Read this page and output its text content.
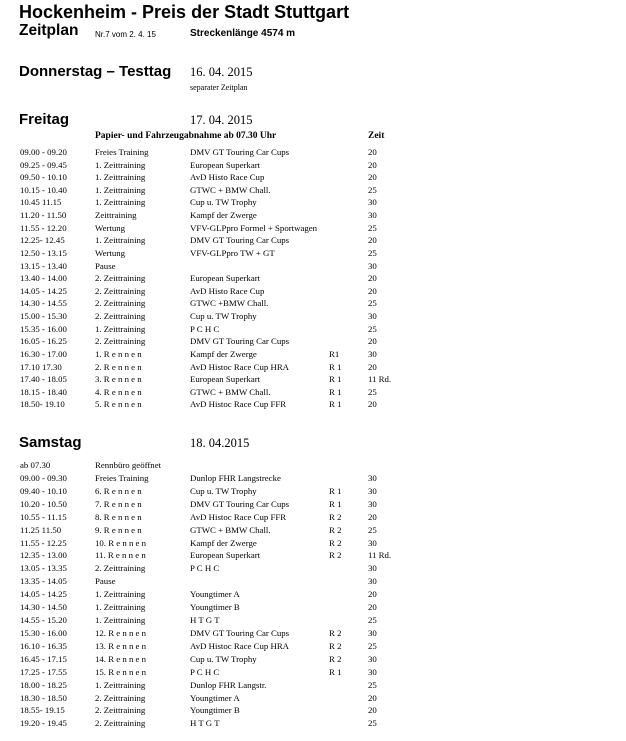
Hockenheim - Preis der Stadt Stuttgart
Zeitplan Nr.7 vom 2. 4. 15	Streckenlänge 4574 m
Donnerstag – Testtag 16. 04. 2015
separater Zeitplan
Freitag	17. 04. 2015
Papier- und Fahrzeugabnahme ab 07.30 Uhr	Zeit
09.00 - 09.20	Freies Training	DMV GT Touring Car Cups	20
09.25 - 09.45	1. Zeittraining	European Superkart	20
09.50 - 10.10	1. Zeittraining	AvD Histo Race Cup	20
10.15 - 10.40	1. Zeittraining	GTWC + BMW Chall.	25
10.45 11.15	1. Zeittraining	Cup u. TW Trophy	30
11.20 - 11.50	Zeittraining	Kampf der Zwerge	30
11.55 - 12.20	Wertung	VFV-GLPpro Formel + Sportwagen	25
12.25- 12.45	1. Zeittraining	DMV GT Touring Car Cups	20
12.50 - 13.15	Wertung	VFV-GLPpro TW + GT	25
13.15 - 13.40	Pause	30
13.40 - 14.00	2. Zeittraining	European Superkart	20
14.05 - 14.25	2. Zeittraining	AvD Histo Race Cup	20
14.30 - 14.55	2. Zeittraining	GTWC +BMW Chall.	25
15.00 - 15.30	2. Zeittraining	Cup u. TW Trophy	30
15.35 - 16.00	1. Zeittraining	P C H C	25
16.05 - 16.25	2. Zeittraining	DMV GT Touring Car Cups	20
16.30 - 17.00	1. R e n n e n	Kampf der Zwerge	R1	30
17.10 17.30	2. R e n n e n	AvD Histoc Race Cup HRA	R 1	20
17.40 - 18.05	3. R e n n e n	European Superkart	R 1	11 Rd.
18.15 - 18.40	4. R e n n e n	GTWC + BMW Chall.	R 1	25
18.50- 19.10	5. R e n n e n	AvD Histoc Race Cup FFR	R 1	20
Samstag	18. 04.2015
ab 07.30	Rennbüro geöffnet
09.00 - 09.30	Freies Training	Dunlop FHR Langstrecke	30
09.40 - 10.10	6. R e n n e n	Cup u. TW Trophy	R 1	30
10.20 - 10.50	7. R e n n e n	DMV GT Touring Car Cups	R 1	30
10.55 - 11.15	8. R e n n e n	AvD Histoc Race Cup FFR	R 2	20
11.25 11.50	9. R e n n e n	GTWC + BMW Chall.	R 2	25
11.55 - 12.25	10. R e n n e n	Kampf der Zwerge	R 2	30
12.35 - 13.00	11. R e n n e n	European Superkart	R 2	11 Rd.
13.05 - 13.35	2. Zeittraining	P C H C	30
13.35 - 14.05	Pause	30
14.05 - 14.25	1. Zeittraining	Youngtimer A	20
14.30 - 14.50	1. Zeittraining	Youngtimer B	20
14.55 - 15.20	1. Zeittraining	H T G T	25
15.30 - 16.00	12. R e n n e n	DMV GT Touring Car Cups	R 2	30
16.10 - 16.35	13. R e n n e n	AvD Histoc Race Cup HRA	R 2	25
16.45 - 17.15	14. R e n n e n	Cup u. TW Trophy	R 2	30
17.25 - 17.55	15. R e n n e n	P C H C	R 1	30
18.00 - 18.25	1. Zeittraining	Dunlop FHR Langstr.	25
18.30 - 18.50	2. Zeittraining	Youngtimer A	20
18.55- 19.15	2. Zeittraining	Youngtimer B	20
19.20 - 19.45	2. Zeittraining	H T G T	25
